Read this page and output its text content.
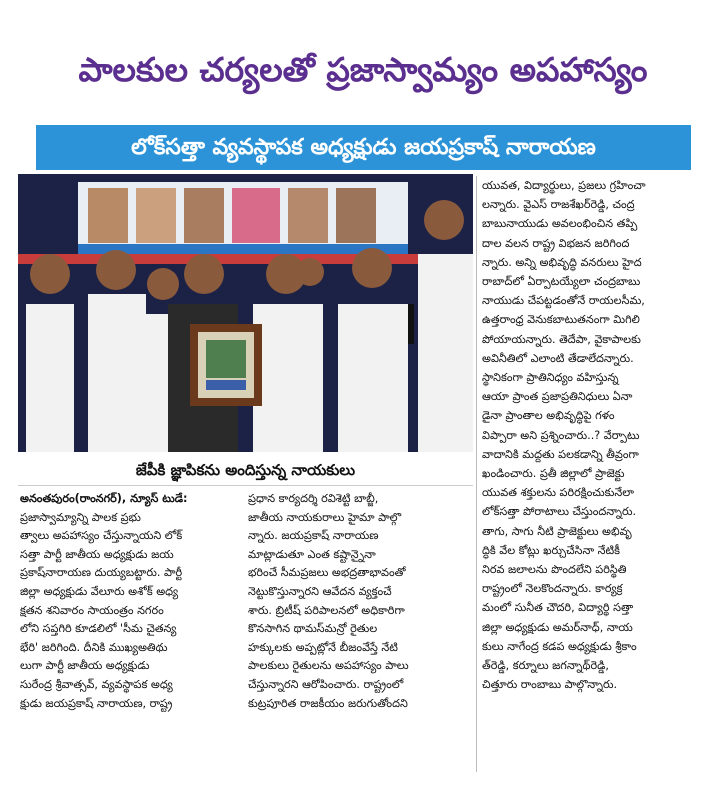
పాలకుల చర్యలతో ప్రజాస్వామ్యం అపహాస్యం
లోక్‌సత్తా వ్యవస్థాపక అధ్యక్షుడు జయప్రకాష్ నారాయణ
జేపీకి జ్ఞాపికను అందిస్తున్న నాయకులు
అనంతపురం(రాంనగర్), న్యూస్ టుడే:
ప్రజాస్వామ్యాన్ని పాలక ప్రభు
త్వాలు అపహాస్యం చేస్తున్నాయని లోక్
సత్తా పార్టీ జాతీయ అధ్యక్షుడు జయ
ప్రకాష్‌నారాయణ దుయ్యబట్టారు. పార్టీ
జిల్లా అధ్యక్షుడు వేలూరు అశోక్ అధ్య
క్షతన శనివారం సాయంత్రం నగరం
లోని సప్తగిరి కూడలిలో 'సీమ చైతన్య
భేరి' జరిగింది. దీనికి ముఖ్యఅతిథు
లుగా పార్టీ జాతీయ అధ్యక్షుడు
సురేంద్ర శ్రీవాత్సవ్, వ్యవస్థాపక అధ్య
క్షుడు జయప్రకాష్ నారాయణ, రాష్ట్ర
ప్రధాన కార్యదర్శి రవిశెట్టి బాబ్జీ,
జాతీయ నాయకురాలు హైమా పాల్గొ
న్నారు. జయప్రకాష్ నారాయణ
మాట్లాడుతూ ఎంత కష్టాన్నైనా
భరించే సీమప్రజలు అభద్రతాభావంతో
నెట్టుకొస్తున్నారని ఆవేదన వ్యక్తంచే
శారు. బ్రిటీష్ పరిపాలనలో అధికారిగా
కొనసాగిన థామస్‌మన్రో రైతుల
హక్కులకు అప్పట్లోనే బీజంవేస్తే నేటి
పాలకులు రైతులను అపహాస్యం పాలు
చేస్తున్నారని ఆరోపించారు. రాష్ట్రంలో
కుట్రపూరిత రాజకీయం జరుగుతోందని
యువత, విద్యార్థులు, ప్రజలు గ్రహించా
లన్నారు. వైఎస్ రాజశేఖర్‌రెడ్డి, చంద్ర
బాబునాయుడు అవలంభించిన తప్పి
దాల వలన రాష్ట్ర విభజన జరిగింద
న్నారు. అన్ని అభివృద్ధి వనరులు హైద
రాబాద్‌లో ఏర్పాటయ్యేలా చంద్రబాబు
నాయుడు చేపట్టడంతోనే రాయలసీమ,
ఉత్తరాంధ్ర వెనుకబాటుతనంగా మిగిలి
పోయాయన్నారు. తెదేపా, వైకాపాలకు
అవినీతిలో ఎలాంటి తేడాలేదన్నారు.
స్థానికంగా ప్రాతినిధ్యం వహిస్తున్న
ఆయా ప్రాంత ప్రజాప్రతినిధులు ఏనా
డైనా ప్రాంతాల అభివృద్ధిపై గళం
విప్పారా అని ప్రశ్నించారు..? వేర్పాటు
వాదానికి మద్దతు పలకడాన్ని తీవ్రంగా
ఖండించారు. ప్రతీ జిల్లాలో ప్రాజెక్టు
యువత శక్తులను పరిరక్షించుకునేలా
లోక్‌సత్తా పోరాటాలు చేస్తుందన్నారు.
తాగు, సాగు నీటి ప్రాజెక్టులు అభివృ
ద్ధికి వేల కోట్లు ఖర్చుచేసినా నేటికీ
నిరవ జలాలను పొందలేని పరిస్థితి
రాష్ట్రంలో నెలకొందన్నారు. కార్యక్ర
మంలో సునీత చౌదరి, విద్యార్థి సత్తా
జిల్లా అధ్యక్షుడు అమర్‌నాధ్, నాయ
కులు నాగేంద్ర కడప అధ్యక్షుడు శ్రీకాం
త్‌రెడ్డి, కర్నూలు జగన్నాథ్‌రెడ్డి,
చిత్తూరు రాంబాబు పాల్గొన్నారు.
